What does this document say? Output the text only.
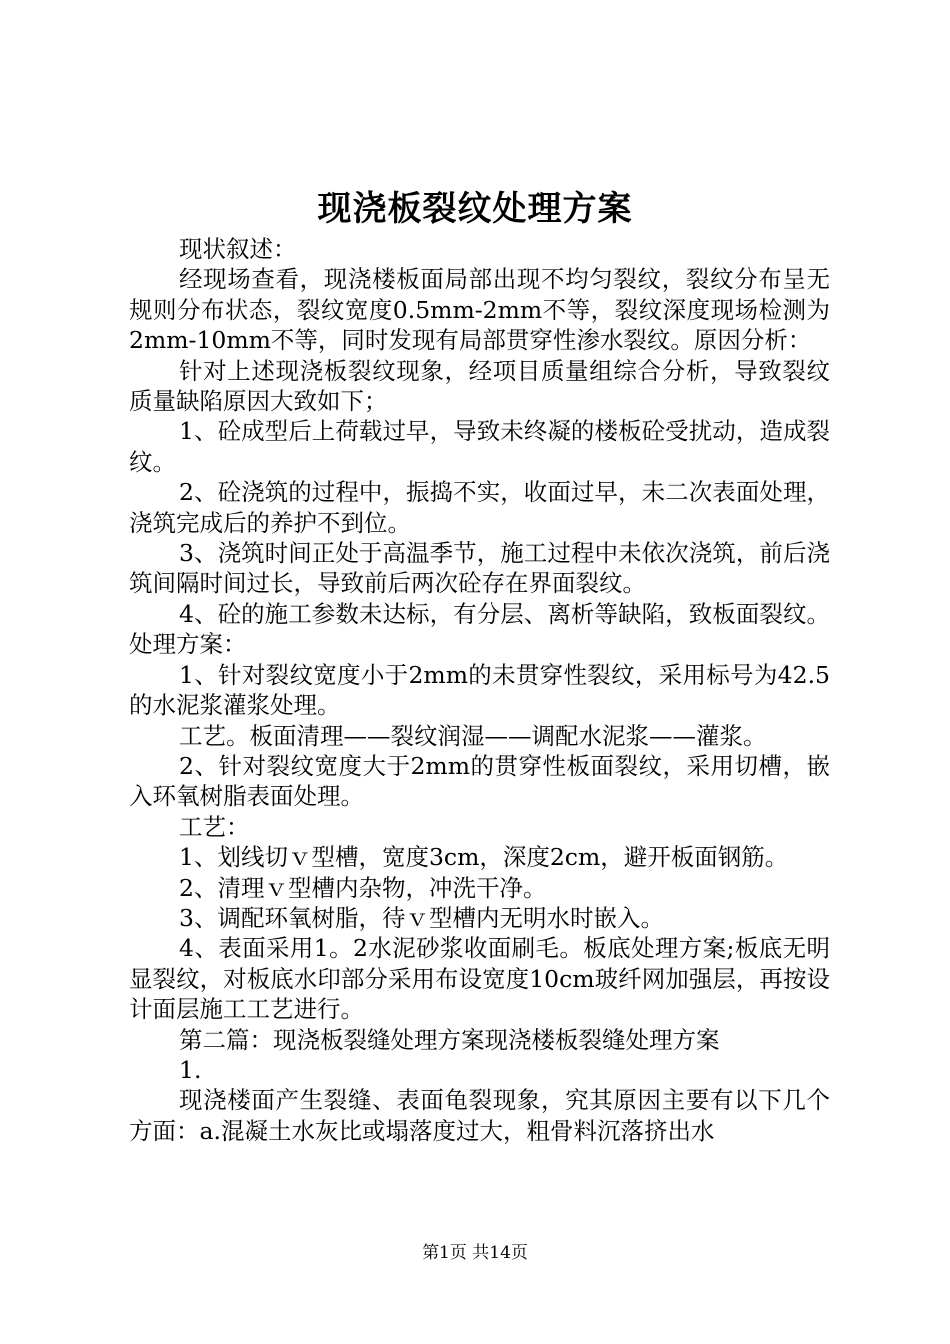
现浇板裂纹处理方案

现状叙述：

经现场查看，现浇楼板面局部出现不均匀裂纹，裂纹分布呈无规则分布状态，裂纹宽度0.5mm-2mm不等，裂纹深度现场检测为2mm-10mm不等，同时发现有局部贯穿性渗水裂纹。原因分析：

针对上述现浇板裂纹现象，经项目质量组综合分析，导致裂纹质量缺陷原因大致如下；

1、砼成型后上荷载过早，导致未终凝的楼板砼受扰动，造成裂纹。

2、砼浇筑的过程中，振捣不实，收面过早，未二次表面处理，浇筑完成后的养护不到位。

3、浇筑时间正处于高温季节，施工过程中未依次浇筑，前后浇筑间隔时间过长，导致前后两次砼存在界面裂纹。

4、砼的施工参数未达标，有分层、离析等缺陷，致板面裂纹。处理方案：

1、针对裂纹宽度小于2mm的未贯穿性裂纹，采用标号为42.5的水泥浆灌浆处理。

工艺。板面清理——裂纹润湿——调配水泥浆——灌浆。

2、针对裂纹宽度大于2mm的贯穿性板面裂纹，采用切槽，嵌入环氧树脂表面处理。

工艺：

1、划线切ｖ型槽，宽度3cm，深度2cm，避开板面钢筋。

2、清理ｖ型槽内杂物，冲洗干净。

3、调配环氧树脂，待ｖ型槽内无明水时嵌入。

4、表面采用1。2水泥砂浆收面刷毛。板底处理方案;板底无明显裂纹，对板底水印部分采用布设宽度10cm玻纤网加强层，再按设计面层施工工艺进行。

第二篇：现浇板裂缝处理方案现浇楼板裂缝处理方案

1.

现浇楼面产生裂缝、表面龟裂现象，究其原因主要有以下几个方面：a.混凝土水灰比或塌落度过大，粗骨料沉落挤出水

第1页 共14页
